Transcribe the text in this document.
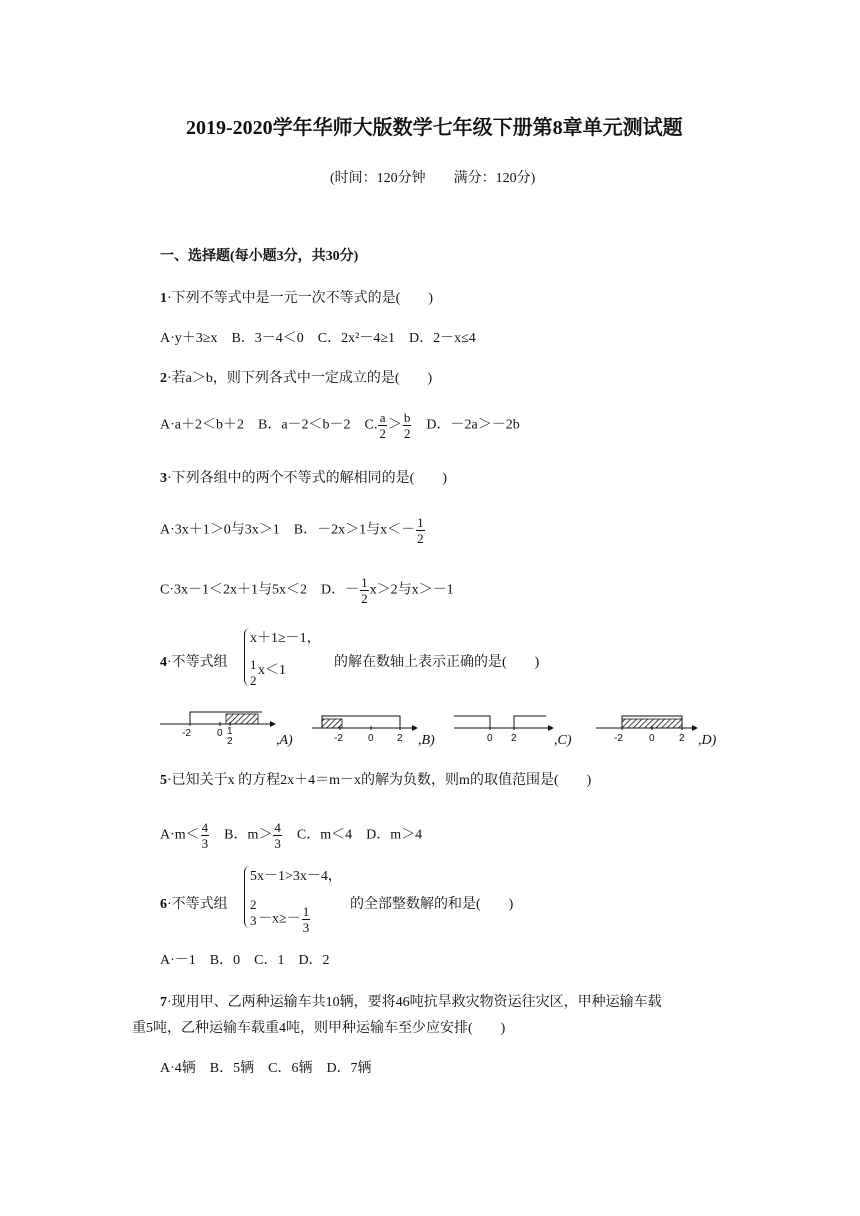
2019-2020学年华师大版数学七年级下册第8章单元测试题
(时间：120分钟　　满分：120分)
一、选择题(每小题3分，共30分)
1·下列不等式中是一元一次不等式的是(　　)
A·y＋3≥x　B．3－4＜0　C．2x²－4≥1　D．2－x≤4
2·若a＞b，则下列各式中一定成立的是(　　)
A·a＋2＜b＋2　B．a－2＜b－2　C. $\frac{a}{2} > \frac{b}{2}$ 　D．－2a＞－2b
3·下列各组中的两个不等式的解相同的是(　　)
A·3x＋1＞0与3x＞1　B．－2x＞1与$x<- \frac{1}{2}$
C·3x－1＜2x＋1与5x＜2　D．－ $\frac{1}{2} x>2$与x＞－1
4·不等式组
x＋1≥－1，
1 x＜1
2
的解在数轴上表示正确的是(　　)
-2	0 1
2	,A)	-2	0 2 ,B)	0 2	,C)	-2	0 2 ,D)
5·已知关于x 的方程2x＋4＝m－x的解为负数，则m的取值范围是(　　)
$A\cdot m< \frac{4}{3}$ 　B．$m> \frac{4}{3}$ 　C．m＜4　D．m＞4
6·不等式组
5x－1>3x－4，
2
$-x\ge- \frac{1}{3}$
3
的全部整数解的和是(　　)
A·－1　B．0　C．1　D．2
7·现用甲、乙两种运输车共10辆，要将46吨抗旱救灾物资运往灾区，甲种运输车载
重5吨，乙种运输车载重4吨，则甲种运输车至少应安排(　　)
A·4辆　B．5辆　C．6辆　D．7辆
